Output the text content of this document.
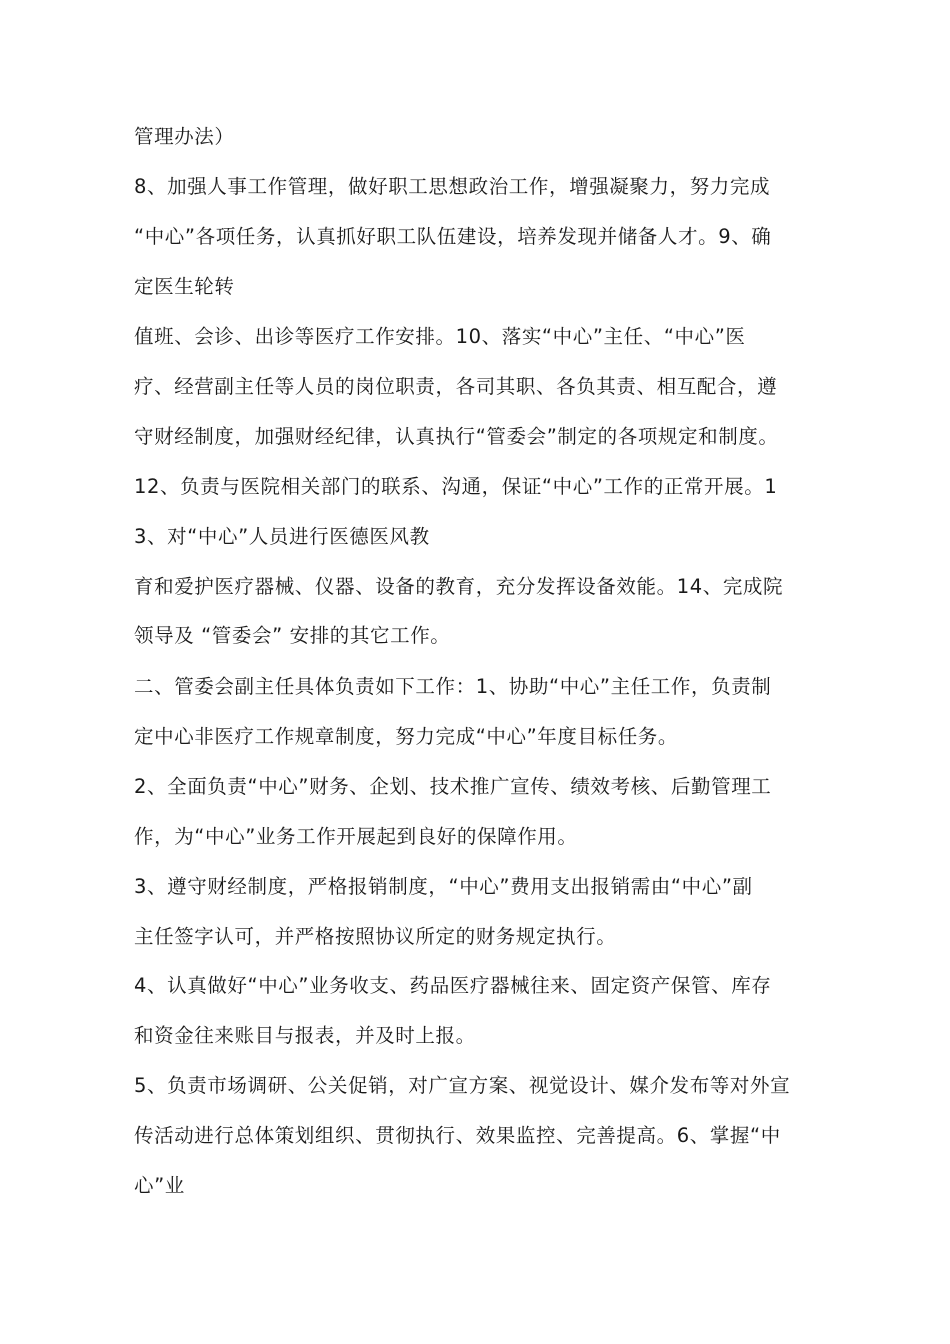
管理办法）

8、加强人事工作管理，做好职工思想政治工作，增强凝聚力，努力完成

“中心”各项任务，认真抓好职工队伍建设，培养发现并储备人才。9、确

定医生轮转

值班、会诊、出诊等医疗工作安排。10、落实“中心”主任、“中心”医

疗、经营副主任等人员的岗位职责，各司其职、各负其责、相互配合，遵

守财经制度，加强财经纪律，认真执行“管委会”制定的各项规定和制度。

12、负责与医院相关部门的联系、沟通，保证“中心”工作的正常开展。1

3、对“中心”人员进行医德医风教

育和爱护医疗器械、仪器、设备的教育，充分发挥设备效能。14、完成院

领导及 “管委会” 安排的其它工作。

二、管委会副主任具体负责如下工作：1、协助“中心”主任工作，负责制

定中心非医疗工作规章制度，努力完成“中心”年度目标任务。

2、全面负责“中心”财务、企划、技术推广宣传、绩效考核、后勤管理工

作，为“中心”业务工作开展起到良好的保障作用。

3、遵守财经制度，严格报销制度，“中心”费用支出报销需由“中心”副

主任签字认可，并严格按照协议所定的财务规定执行。

4、认真做好“中心”业务收支、药品医疗器械往来、固定资产保管、库存

和资金往来账目与报表，并及时上报。

5、负责市场调研、公关促销，对广宣方案、视觉设计、媒介发布等对外宣

传活动进行总体策划组织、贯彻执行、效果监控、完善提高。6、掌握“中

心”业
